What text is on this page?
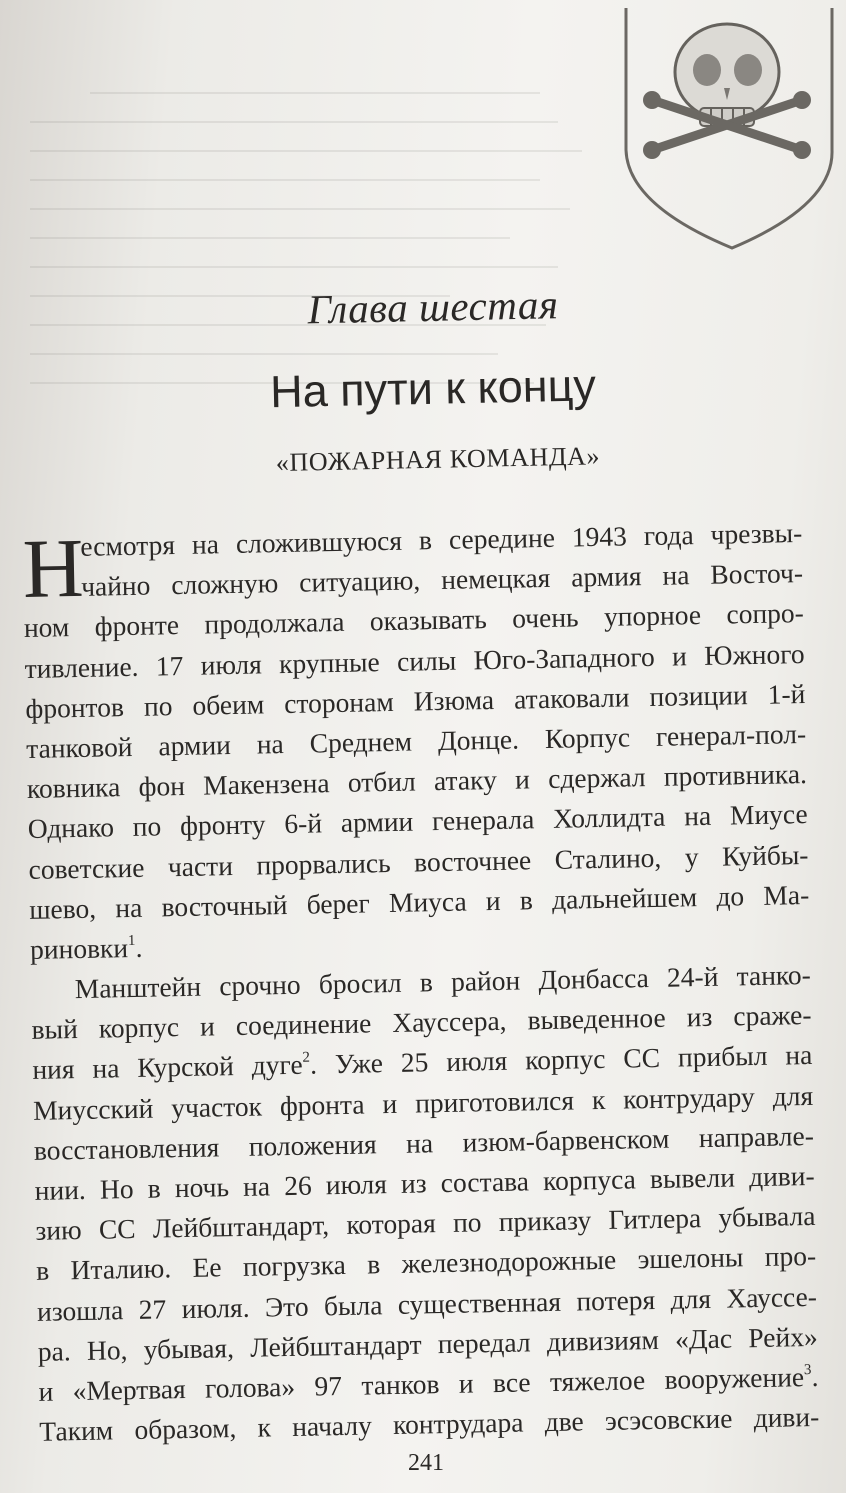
Глава шестая
На пути к концу
«ПОЖАРНАЯ КОМАНДА»
Н
есмотря на сложившуюся в середине 1943 года чрезвы-
чайно сложную ситуацию, немецкая армия на Восточ-
ном фронте продолжала оказывать очень упорное сопро-
тивление. 17 июля крупные силы Юго-Западного и Южного
фронтов по обеим сторонам Изюма атаковали позиции 1-й
танковой армии на Среднем Донце. Корпус генерал-пол-
ковника фон Макензена отбил атаку и сдержал противника.
Однако по фронту 6-й армии генерала Холлидта на Миусе
советские части прорвались восточнее Сталино, у Куйбы-
шево, на восточный берег Миуса и в дальнейшем до Ма-
риновки$^1$.
Манштейн срочно бросил в район Донбасса 24-й танко-
вый корпус и соединение Хауссера, выведенное из сраже-
ния на Курской дуге$^2$. Уже 25 июля корпус СС прибыл на
Миусский участок фронта и приготовился к контрудару для
восстановления положения на изюм-барвенском направле-
нии. Но в ночь на 26 июля из состава корпуса вывели диви-
зию СС Лейбштандарт, которая по приказу Гитлера убывала
в Италию. Ее погрузка в железнодорожные эшелоны про-
изошла 27 июля. Это была существенная потеря для Хауссе-
ра. Но, убывая, Лейбштандарт передал дивизиям «Дас Рейх»
и «Мертвая голова» 97 танков и все тяжелое вооружение$^3$.
Таким образом, к началу контрудара две эсэсовские диви-
241
